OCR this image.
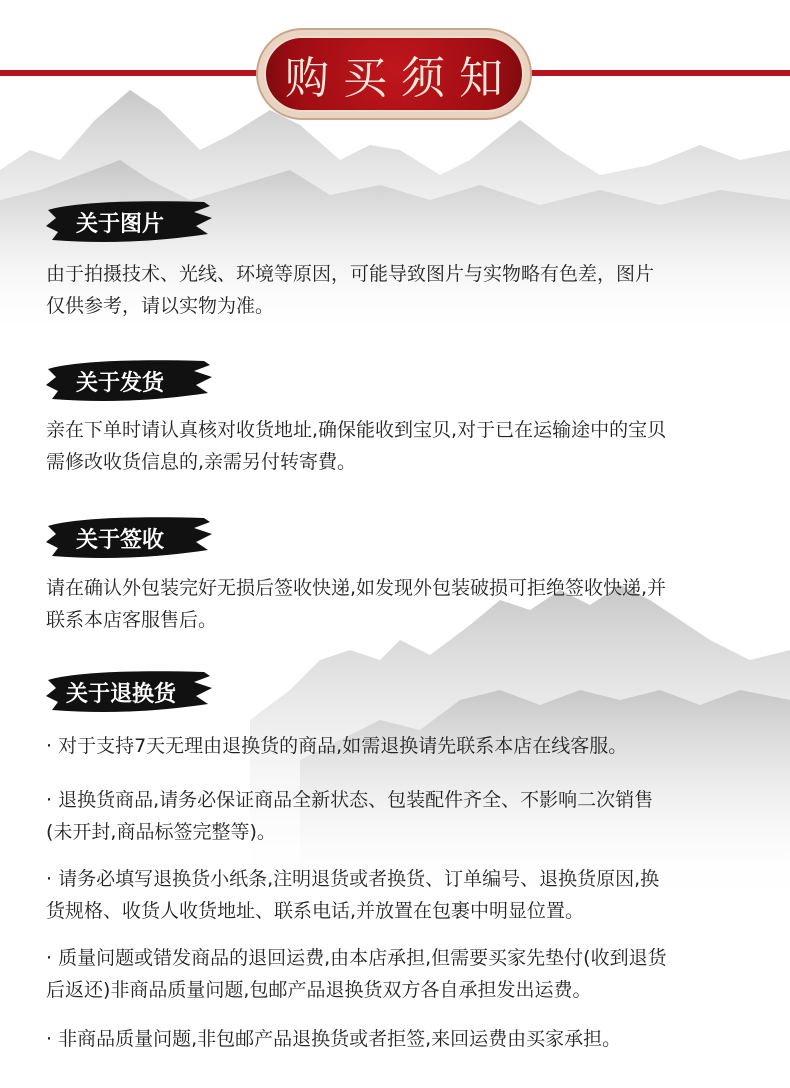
购买须知
关于图片
由于拍摄技术、光线、环境等原因，可能导致图片与实物略有色差，图片
仅供参考，请以实物为准。
关于发货
亲在下单时请认真核对收货地址,确保能收到宝贝,对于已在运输途中的宝贝
需修改收货信息的,亲需另付转寄費。
关于签收
请在确认外包装完好无损后签收快递,如发现外包装破损可拒绝签收快递,并
联系本店客服售后。
关于退换货
· 对于支持7天无理由退换货的商品,如需退换请先联系本店在线客服。
· 退换货商品,请务必保证商品全新状态、包装配件齐全、不影响二次销售
(未开封,商品标签完整等)。
· 请务必填写退换货小纸条,注明退货或者换货、订单编号、退换货原因,换
货规格、收货人收货地址、联系电话,并放置在包裹中明显位置。
· 质量问题或错发商品的退回运费,由本店承担,但需要买家先垫付(收到退货
后返还)非商品质量问题,包邮产品退换货双方各自承担发出运费。
· 非商品质量问题,非包邮产品退换货或者拒签,来回运费由买家承担。
